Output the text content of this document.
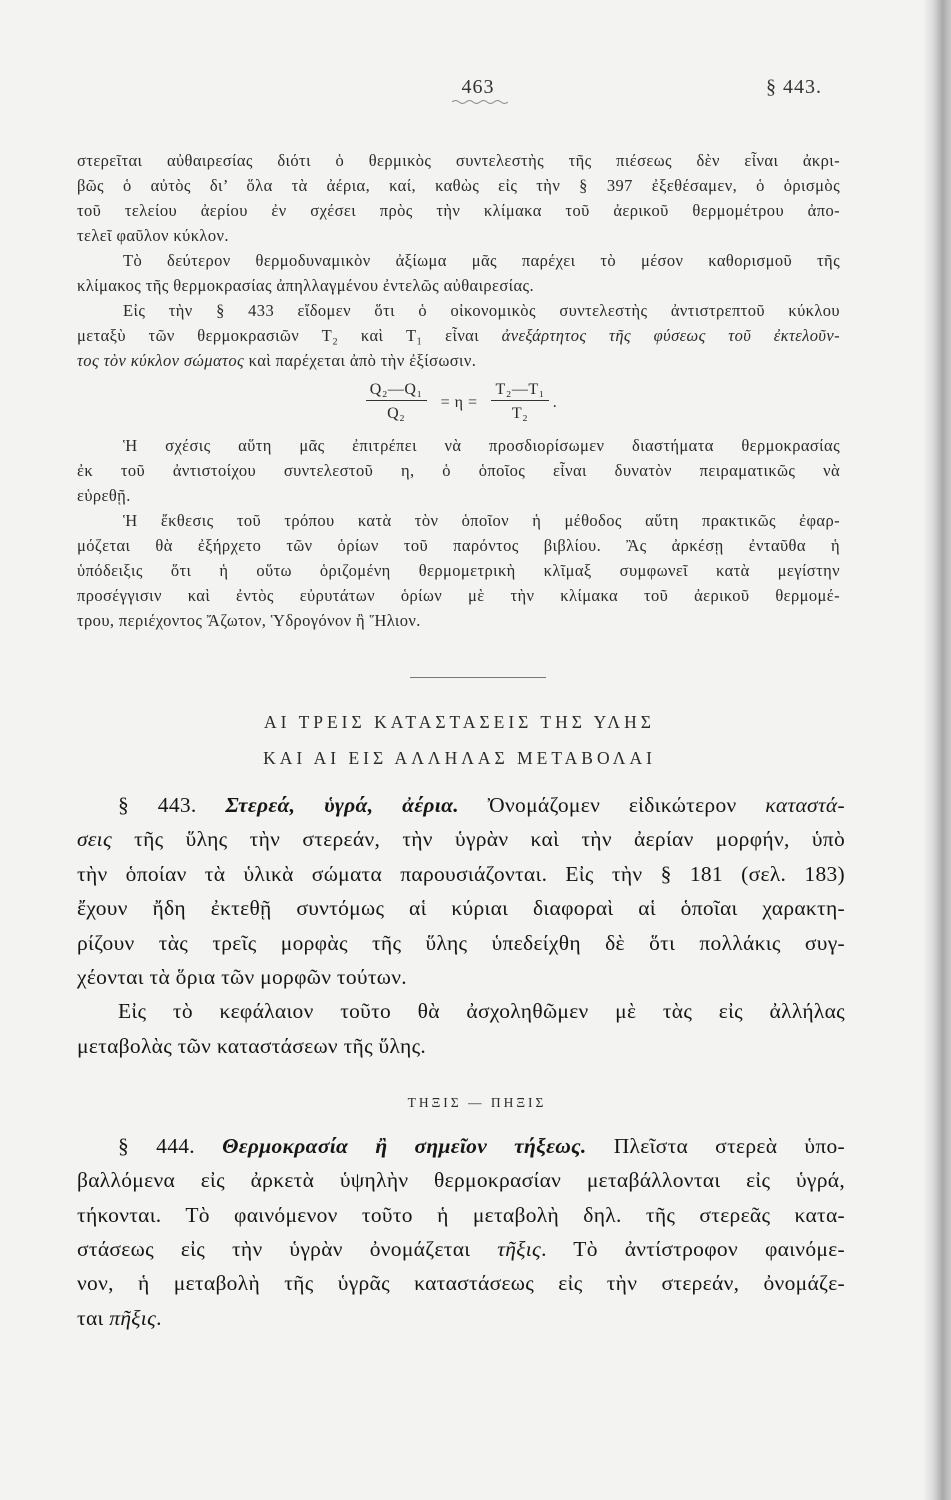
463	§ 443.
στερεῖται αὐθαιρεσίας διότι ὁ θερμικὸς συντελεστὴς τῆς πιέσεως δὲν εἶναι ἀκρι-
βῶς ὁ αὐτὸς δι’ ὅλα τὰ ἀέρια, καί, καθὼς εἰς τὴν § 397 ἐξεθέσαμεν, ὁ ὁρισμὸς
τοῦ τελείου ἀερίου ἐν σχέσει πρὸς τὴν κλίμακα τοῦ ἀερικοῦ θερμομέτρου ἀπο-
τελεῖ φαῦλον κύκλον.
Τὸ δεύτερον θερμοδυναμικὸν ἀξίωμα μᾶς παρέχει τὸ μέσον καθορισμοῦ τῆς
κλίμακος τῆς θερμοκρασίας ἀπηλλαγμένου ἐντελῶς αὐθαιρεσίας.
Εἰς τὴν § 433 εἴδομεν ὅτι ὁ οἰκονομικὸς συντελεστὴς ἀντιστρεπτοῦ κύκλου
μεταξὺ τῶν θερμοκρασιῶν T₂ καὶ T₁ εἶναι ἀνεξάρτητος τῆς φύσεως τοῦ ἐκτελοῦν-
τος τὸν κύκλον σώματος καὶ παρέχεται ἀπὸ τὴν ἐξίσωσιν.
$\frac{\text{Q₂—Q₁}}{\text{Q₂}} = \eta = \frac{\text{T₂—T₁}}{\text{T₂}}$ .
Ἡ σχέσις αὕτη μᾶς ἐπιτρέπει νὰ προσδιορίσωμεν διαστήματα θερμοκρασίας
ἐκ τοῦ ἀντιστοίχου συντελεστοῦ η, ὁ ὁποῖος εἶναι δυνατὸν πειραματικῶς νὰ
εὑρεθῇ.
Ἡ ἔκθεσις τοῦ τρόπου κατὰ τὸν ὁποῖον ἡ μέθοδος αὕτη πρακτικῶς ἐφαρ-
μόζεται θὰ ἐξήρχετο τῶν ὁρίων τοῦ παρόντος βιβλίου. Ἂς ἀρκέσῃ ἐνταῦθα ἡ
ὑπόδειξις ὅτι ἡ οὕτω ὁριζομένη θερμομετρικὴ κλῖμαξ συμφωνεῖ κατὰ μεγίστην
προσέγγισιν καὶ ἐντὸς εὐρυτάτων ὁρίων μὲ τὴν κλίμακα τοῦ ἀερικοῦ θερμομέ-
τρου, περιέχοντος Ἄζωτον, Ὑδρογόνον ἢ Ἥλιον.
ΑΙ ΤΡΕΙΣ ΚΑΤΑΣΤΑΣΕΙΣ ΤΗΣ ΥΛΗΣ
ΚΑΙ ΑΙ ΕΙΣ ΑΛΛΗΛΑΣ ΜΕΤΑΒΟΛΑΙ
§ 443. Στερεά, ὑγρά, ἀέρια. Ὀνομάζομεν εἰδικώτερον καταστά-
σεις τῆς ὕλης τὴν στερεάν, τὴν ὑγρὰν καὶ τὴν ἀερίαν μορφήν, ὑπὸ
τὴν ὁποίαν τὰ ὑλικὰ σώματα παρουσιάζονται. Εἰς τὴν § 181 (σελ. 183)
ἔχουν ἤδη ἐκτεθῇ συντόμως αἱ κύριαι διαφοραὶ αἱ ὁποῖαι χαρακτη-
ρίζουν τὰς τρεῖς μορφὰς τῆς ὕλης ὑπεδείχθη δὲ ὅτι πολλάκις συγ-
χέονται τὰ ὅρια τῶν μορφῶν τούτων.
Εἰς τὸ κεφάλαιον τοῦτο θὰ ἀσχοληθῶμεν μὲ τὰς εἰς ἀλλήλας
μεταβολὰς τῶν καταστάσεων τῆς ὕλης.
ΤΗΞΙΣ — ΠΗΞΙΣ
§ 444. Θερμοκρασία ἢ σημεῖον τήξεως. Πλεῖστα στερεὰ ὑπο-
βαλλόμενα εἰς ἀρκετὰ ὑψηλὴν θερμοκρασίαν μεταβάλλονται εἰς ὑγρά,
τήκονται. Τὸ φαινόμενον τοῦτο ἡ μεταβολὴ δηλ. τῆς στερεᾶς κατα-
στάσεως εἰς τὴν ὑγρὰν ὀνομάζεται τῆξις. Τὸ ἀντίστροφον φαινόμε-
νον, ἡ μεταβολὴ τῆς ὑγρᾶς καταστάσεως εἰς τὴν στερεάν, ὀνομάζε-
ται πῆξις.
